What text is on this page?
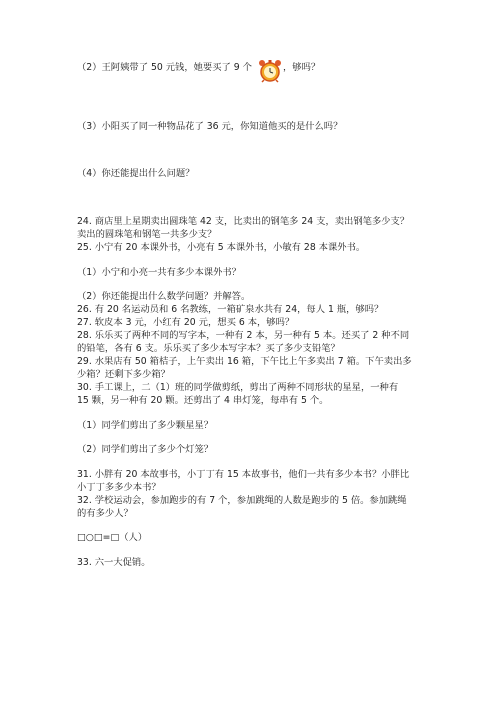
（2）王阿姨带了 50 元钱，她要买了 9 个	，够吗？
（3）小阳买了同一种物品花了 36 元，你知道他买的是什么吗？
（4）你还能提出什么问题？
24. 商店里上星期卖出圆珠笔 42 支，比卖出的钢笔多 24 支，卖出钢笔多少支？
卖出的圆珠笔和钢笔一共多少支？
25. 小宁有 20 本课外书，小亮有 5 本课外书，小敏有 28 本课外书。
（1）小宁和小亮一共有多少本课外书？
（2）你还能提出什么数学问题？并解答。
26. 有 20 名运动员和 6 名教练，一箱矿泉水共有 24，每人 1 瓶，够吗？
27. 软皮本 3 元，小红有 20 元，想买 6 本，够吗？
28. 乐乐买了两种不同的写字本，一种有 2 本，另一种有 5 本。还买了 2 种不同
的铅笔，各有 6 支。乐乐买了多少本写字本？买了多少支铅笔？
29. 水果店有 50 箱桔子，上午卖出 16 箱，下午比上午多卖出 7 箱。下午卖出多
少箱？还剩下多少箱？
30. 手工课上，二（1）班的同学做剪纸，剪出了两种不同形状的星星，一种有
15 颗，另一种有 20 颗。还剪出了 4 串灯笼，每串有 5 个。
（1）同学们剪出了多少颗星星？
（2）同学们剪出了多少个灯笼？
31. 小胖有 20 本故事书，小丁丁有 15 本故事书，他们一共有多少本书？小胖比
小丁丁多多少本书？
32. 学校运动会，参加跑步的有 7 个，参加跳绳的人数是跑步的 5 倍。参加跳绳
的有多少人？
□○□=□（人）
33. 六一大促销。
